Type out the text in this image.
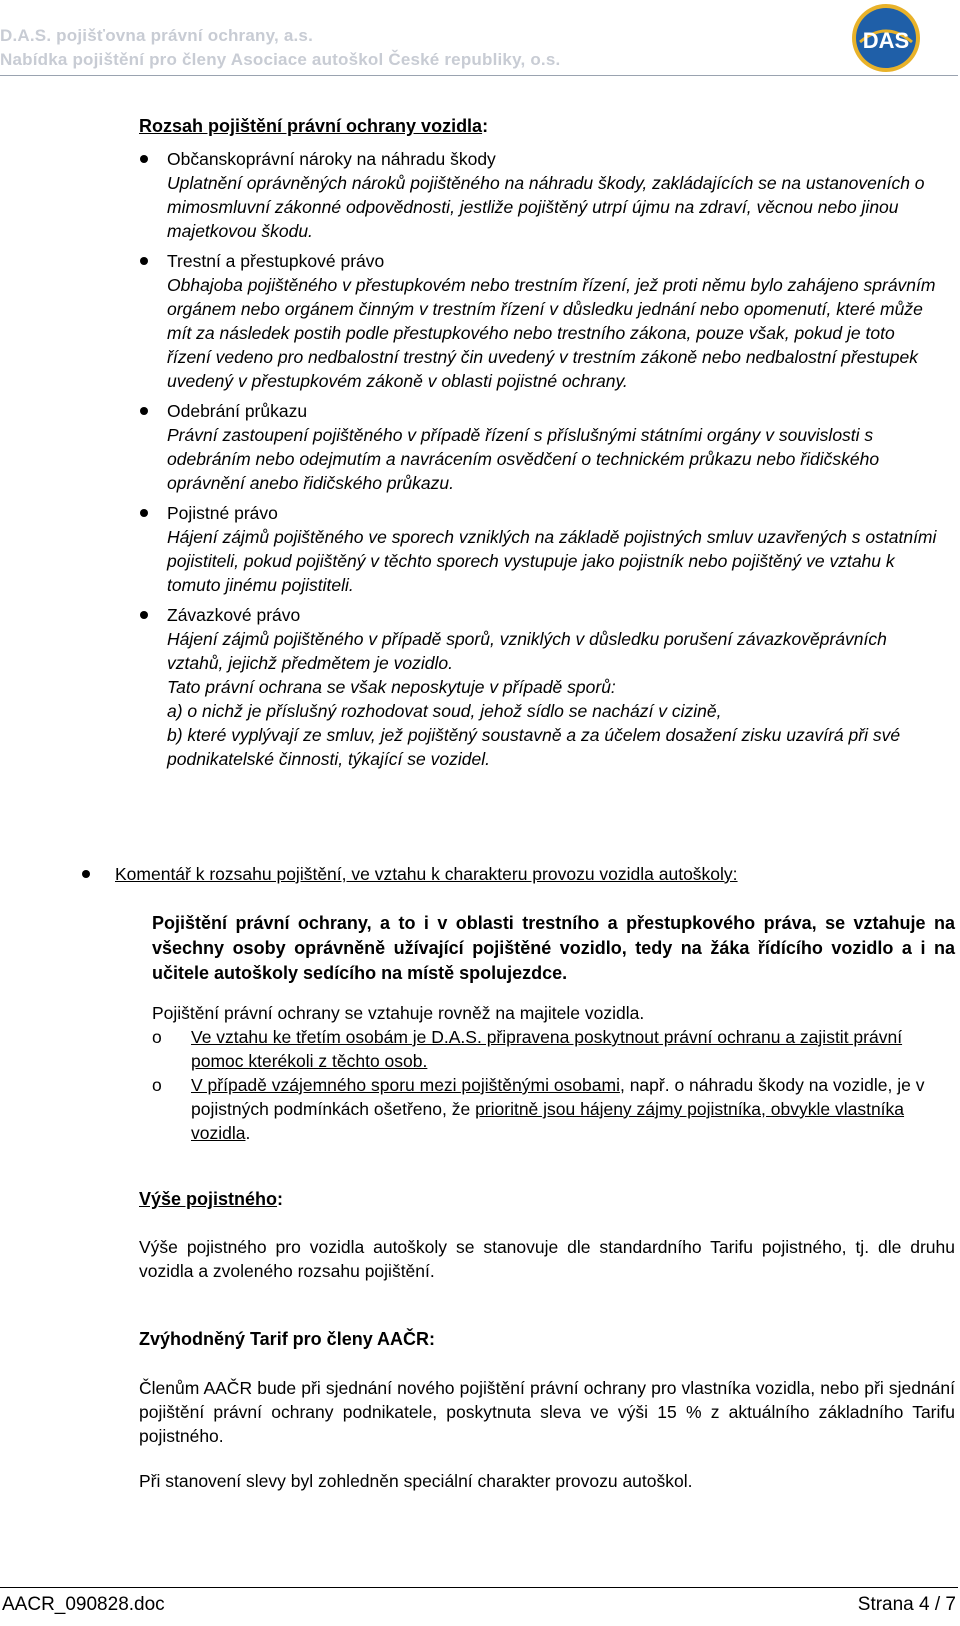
D.A.S. pojišťovna právní ochrany, a.s.
Nabídka pojištění pro členy Asociace autoškol České republiky, o.s.
DAS
Rozsah pojištění právní ochrany vozidla:
Občanskoprávní nároky na náhradu škody
Uplatnění oprávněných nároků pojištěného na náhradu škody, zakládajících se na ustanoveních o mimosmluvní zákonné odpovědnosti, jestliže pojištěný utrpí újmu na zdraví, věcnou nebo jinou majetkovou škodu.
Trestní a přestupkové právo
Obhajoba pojištěného v přestupkovém nebo trestním řízení, jež proti němu bylo zahájeno správním orgánem nebo orgánem činným v trestním řízení v důsledku jednání nebo opomenutí, které může mít za následek postih podle přestupkového nebo trestního zákona, pouze však, pokud je toto řízení vedeno pro nedbalostní trestný čin uvedený v trestním zákoně nebo nedbalostní přestupek uvedený v přestupkovém zákoně v oblasti pojistné ochrany.
Odebrání průkazu
Právní zastoupení pojištěného v případě řízení s příslušnými státními orgány v souvislosti s odebráním nebo odejmutím a navrácením osvědčení o technickém průkazu nebo řidičského oprávnění anebo řidičského průkazu.
Pojistné právo
Hájení zájmů pojištěného ve sporech vzniklých na základě pojistných smluv uzavřených s ostatními pojistiteli, pokud pojištěný v těchto sporech vystupuje jako pojistník nebo pojištěný ve vztahu k tomuto jinému pojistiteli.
Závazkové právo
Hájení zájmů pojištěného v případě sporů, vzniklých v důsledku porušení závazkověprávních vztahů, jejichž předmětem je vozidlo.
Tato právní ochrana se však neposkytuje v případě sporů:
a) o nichž je příslušný rozhodovat soud, jehož sídlo se nachází v cizině,
b) které vyplývají ze smluv, jež pojištěný soustavně a za účelem dosažení zisku uzavírá při své podnikatelské činnosti, týkající se vozidel.
Komentář k rozsahu pojištění, ve vztahu k charakteru provozu vozidla autoškoly:
Pojištění právní ochrany, a to i v oblasti trestního a přestupkového práva, se vztahuje na všechny osoby oprávněně užívající pojištěné vozidlo, tedy na žáka řídícího vozidlo a i na učitele autoškoly sedícího na místě spolujezdce.
Pojištění právní ochrany se vztahuje rovněž na majitele vozidla.
o Ve vztahu ke třetím osobám je D.A.S. připravena poskytnout právní ochranu a zajistit právní pomoc kterékoli z těchto osob.
o V případě vzájemného sporu mezi pojištěnými osobami, např. o náhradu škody na vozidle, je v pojistných podmínkách ošetřeno, že prioritně jsou hájeny zájmy pojistníka, obvykle vlastníka vozidla.
Výše pojistného:
Výše pojistného pro vozidla autoškoly se stanovuje dle standardního Tarifu pojistného, tj. dle druhu vozidla a zvoleného rozsahu pojištění.
Zvýhodněný Tarif pro členy AAČR:
Členům AAČR bude při sjednání nového pojištění právní ochrany pro vlastníka vozidla, nebo při sjednání pojištění právní ochrany podnikatele, poskytnuta sleva ve výši 15 % z aktuálního základního Tarifu pojistného.
Při stanovení slevy byl zohledněn speciální charakter provozu autoškol.
AACR_090828.doc	Strana 4 / 7
